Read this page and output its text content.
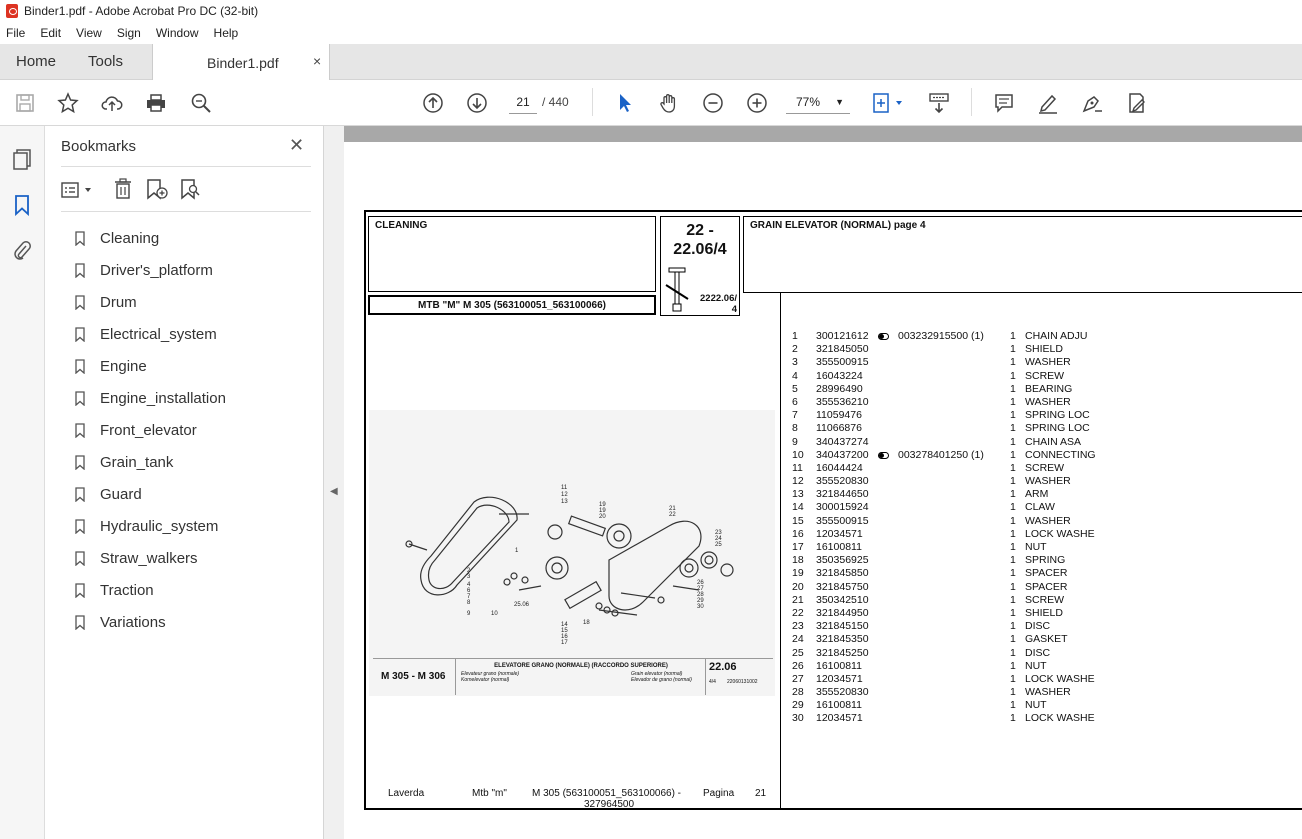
Binder1.pdf - Adobe Acrobat Pro DC (32-bit)
File Edit View Sign Window Help
Home Tools	Binder1.pdf ×
21	/ 440	77% ▼
Bookmarks	✕
Cleaning
Driver's_platform
Drum
Electrical_system
Engine
Engine_installation
Front_elevator
Grain_tank
Guard
Hydraulic_system
Straw_walkers
Traction
Variations
◀
CLEANING
MTB "M" M 305 (563100051_563100066)
22 -
22.06/4
2222.06/
4
GRAIN ELEVATOR (NORMAL) page 4
11
12
13	19
19
20
21
22
23
24
25
1
2
3
4
6
7
8
9	10
14
15
16
17
18
26
27
28
29
30
25.06
M 305 - M 306
ELEVATORE GRANO (NORMALE) (RACCORDO SUPERIORE)
Elevateur grano (normale)
Kornelevator (normal)
Grain elevator (normal)
Elevador de grano (normal)
22.06
4/4 22060131002
Laverda	Mtb "m"	M 305 (563100051_563100066) -
327964500
Pagina 21
1	300121612	003232915500 (1) 1 CHAIN ADJU
2	321845050	1 SHIELD
3	355500915	1 WASHER
4	16043224	1 SCREW
5	28996490	1 BEARING
6	355536210	1 WASHER
7	11059476	1 SPRING LOC
8	11066876	1 SPRING LOC
9	340437274	1 CHAIN ASA
10	340437200	003278401250 (1) 1 CONNECTING
11	16044424	1 SCREW
12	355520830	1 WASHER
13	321844650	1 ARM
14	300015924	1 CLAW
15	355500915	1 WASHER
16	12034571	1 LOCK WASHE
17	16100811	1 NUT
18	350356925	1 SPRING
19	321845850	1 SPACER
20	321845750	1 SPACER
21	350342510	1 SCREW
22	321844950	1 SHIELD
23	321845150	1 DISC
24	321845350	1 GASKET
25	321845250	1 DISC
26	16100811	1 NUT
27	12034571	1 LOCK WASHE
28	355520830	1 WASHER
29	16100811	1 NUT
30	12034571	1 LOCK WASHE
